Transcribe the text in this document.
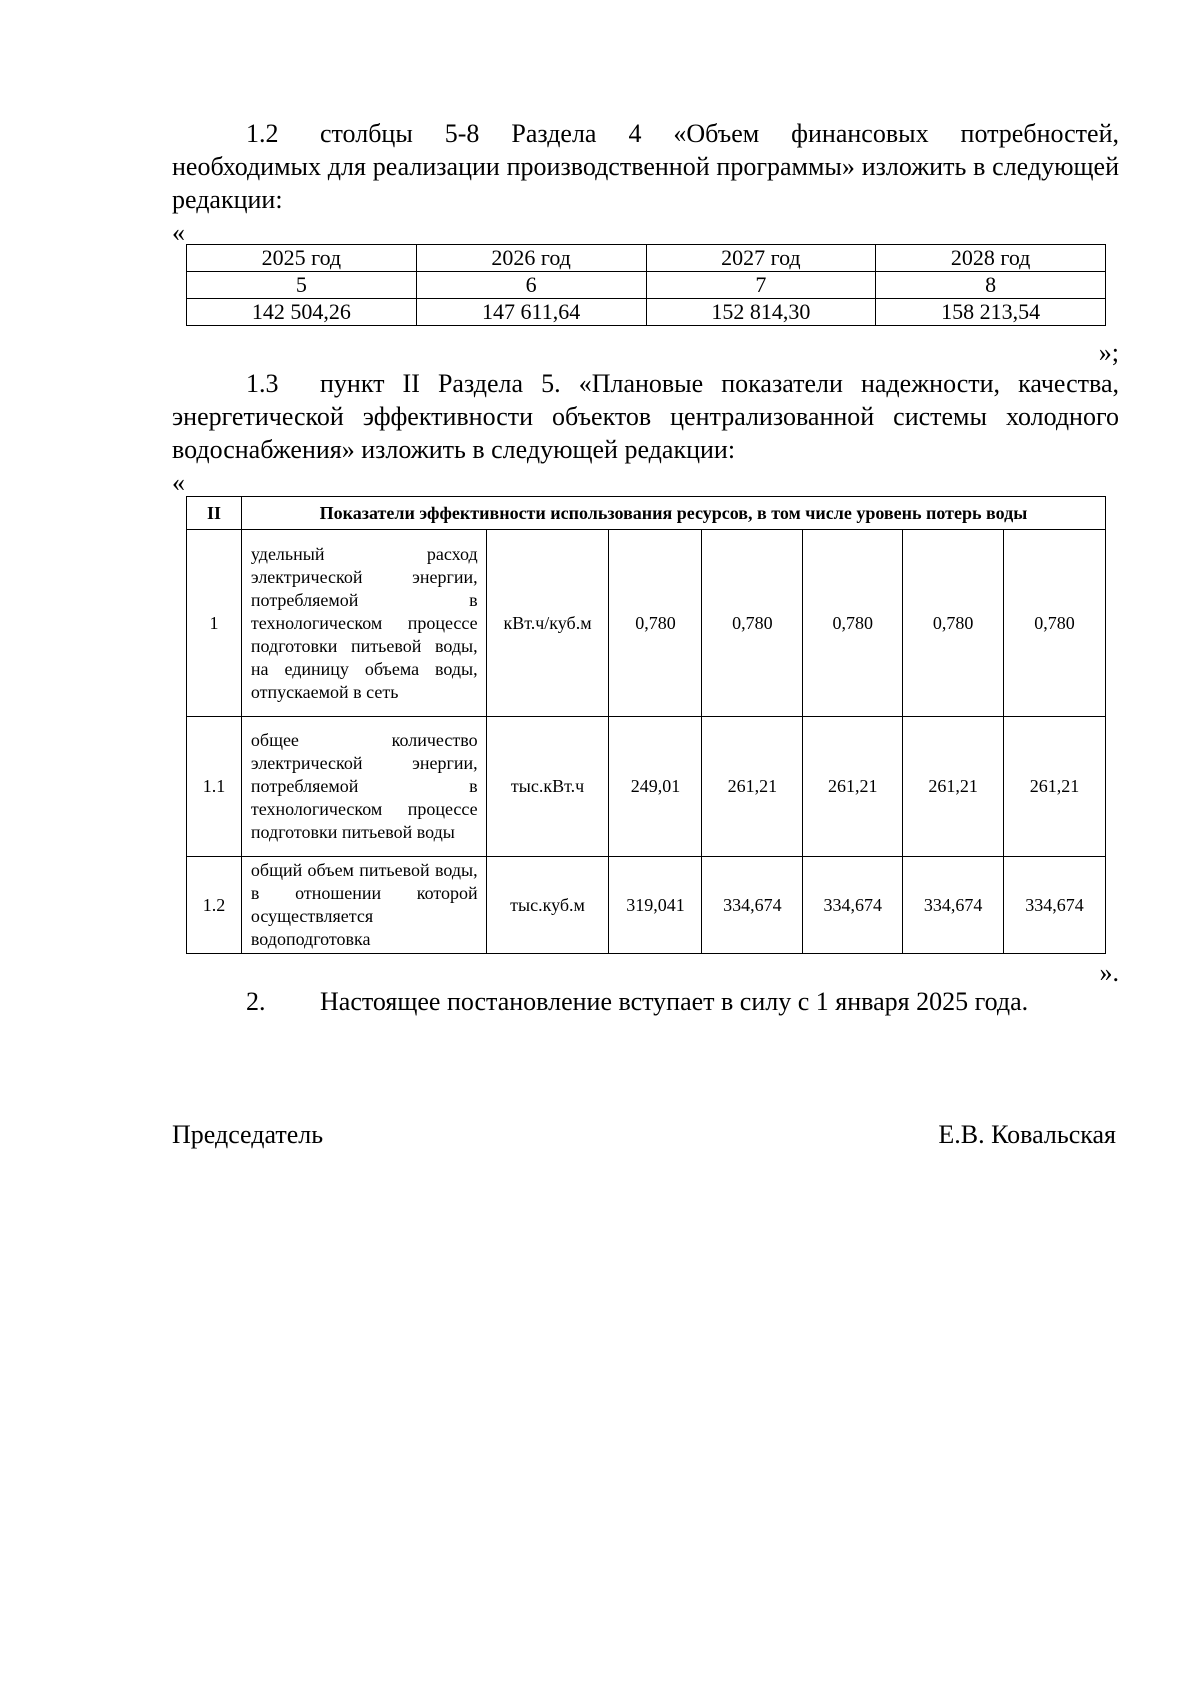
1.2 столбцы 5-8 Раздела 4 «Объем финансовых потребностей, необходимых для реализации производственной программы» изложить в следующей редакции:

«
2025 год	2026 год	2027 год	2028 год
5	6	7	8
142 504,26	147 611,64	152 814,30	158 213,54
»;

1.3 пункт II Раздела 5. «Плановые показатели надежности, качества, энергетической эффективности объектов централизованной системы холодного водоснабжения» изложить в следующей редакции:

«
II	Показатели эффективности использования ресурсов, в том числе уровень потерь воды						
1	удельный расход электрической энергии, потребляемой в технологическом процессе подготовки питьевой воды, на единицу объема воды, отпускаемой в сеть	кВт.ч/куб.м	0,780	0,780	0,780	0,780	0,780
1.1	общее количество электрической энергии, потребляемой в технологическом процессе подготовки питьевой воды	тыс.кВт.ч	249,01	261,21	261,21	261,21	261,21
1.2	общий объем питьевой воды, в отношении которой осуществляется водоподготовка	тыс.куб.м	319,041	334,674	334,674	334,674	334,674
».

2. Настоящее постановление вступает в силу с 1 января 2025 года.

Председатель	Е.В. Ковальская
